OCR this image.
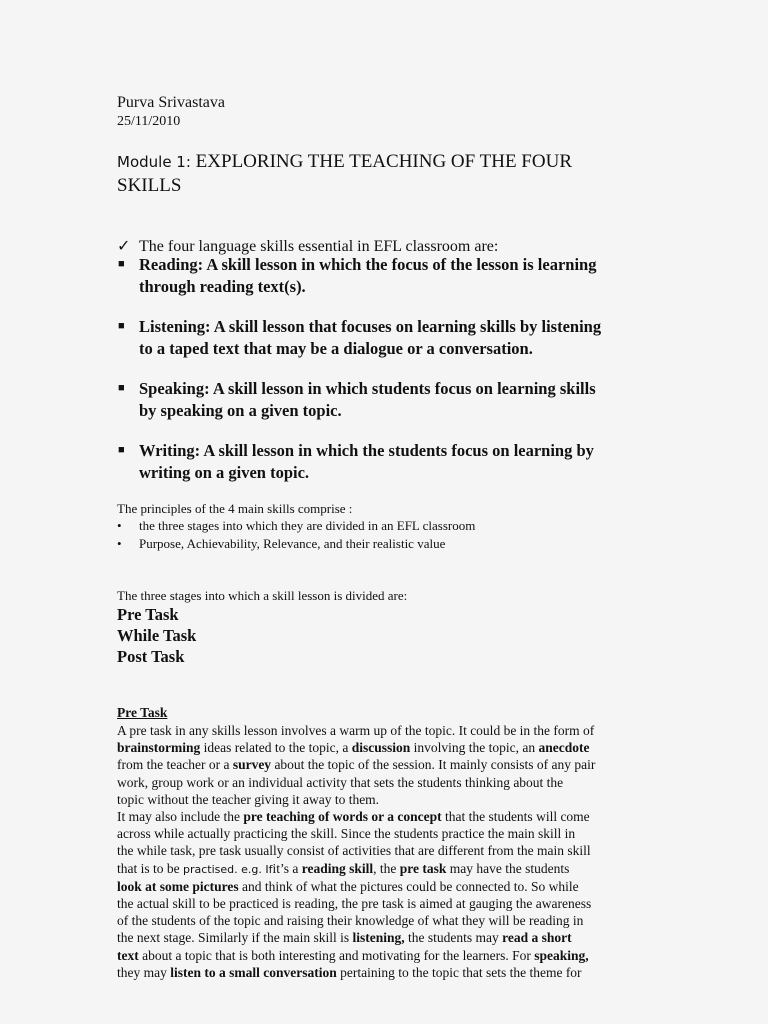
Purva Srivastava
25/11/2010
Module 1: EXPLORING THE TEACHING OF THE FOUR
SKILLS
✓ The four language skills essential in EFL classroom are:
■ Reading: A skill lesson in which the focus of the lesson is learning
through reading text(s).
■ Listening: A skill lesson that focuses on learning skills by listening
to a taped text that may be a dialogue or a conversation.
■ Speaking: A skill lesson in which students focus on learning skills
by speaking on a given topic.
■ Writing: A skill lesson in which the students focus on learning by
writing on a given topic.
The principles of the 4 main skills comprise :
• the three stages into which they are divided in an EFL classroom
• Purpose, Achievability, Relevance, and their realistic value
The three stages into which a skill lesson is divided are:
Pre Task
While Task
Post Task
Pre Task
A pre task in any skills lesson involves a warm up of the topic. It could be in the form of
brainstorming ideas related to the topic, a discussion involving the topic, an anecdote
from the teacher or a survey about the topic of the session. It mainly consists of any pair
work, group work or an individual activity that sets the students thinking about the
topic without the teacher giving it away to them.
It may also include the pre teaching of words or a concept that the students will come
across while actually practicing the skill. Since the students practice the main skill in
the while task, pre task usually consist of activities that are different from the main skill
that is to be practised. e.g. Ifit’s a reading skill, the pre task may have the students
look at some pictures and think of what the pictures could be connected to. So while
the actual skill to be practiced is reading, the pre task is aimed at gauging the awareness
of the students of the topic and raising their knowledge of what they will be reading in
the next stage. Similarly if the main skill is listening, the students may read a short
text about a topic that is both interesting and motivating for the learners. For speaking,
they may listen to a small conversation pertaining to the topic that sets the theme for
